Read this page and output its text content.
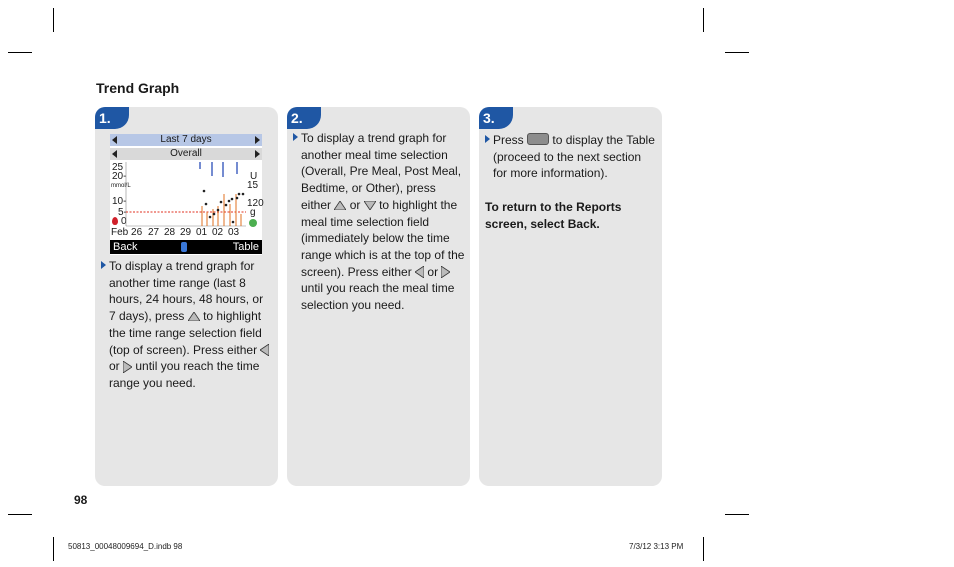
Trend Graph
1.
Last 7 days
Overall
25
20-
mmol/L
10-
5-
0
U
15
120
g
Feb 26 27 28 29 01 02 03
Back	Table

To display a trend graph for another time range (last 8 hours, 24 hours, 48 hours, or 7 days), press to highlight the time range selection field (top of screen). Press either  or until you reach the time range you need.

2.

To display a trend graph for another meal time selection (Overall, Pre Meal, Post Meal, Bedtime, or Other), press either or to highlight the meal time selection field (immediately below the time range which is at the top of the screen). Press either or  until you reach the meal time selection you need.

3.

Press to display the Table (proceed to the next section for more information).

To return to the Reports screen, select Back.

98
50813_00048009694_D.indb 98	7/3/12 3:13 PM
